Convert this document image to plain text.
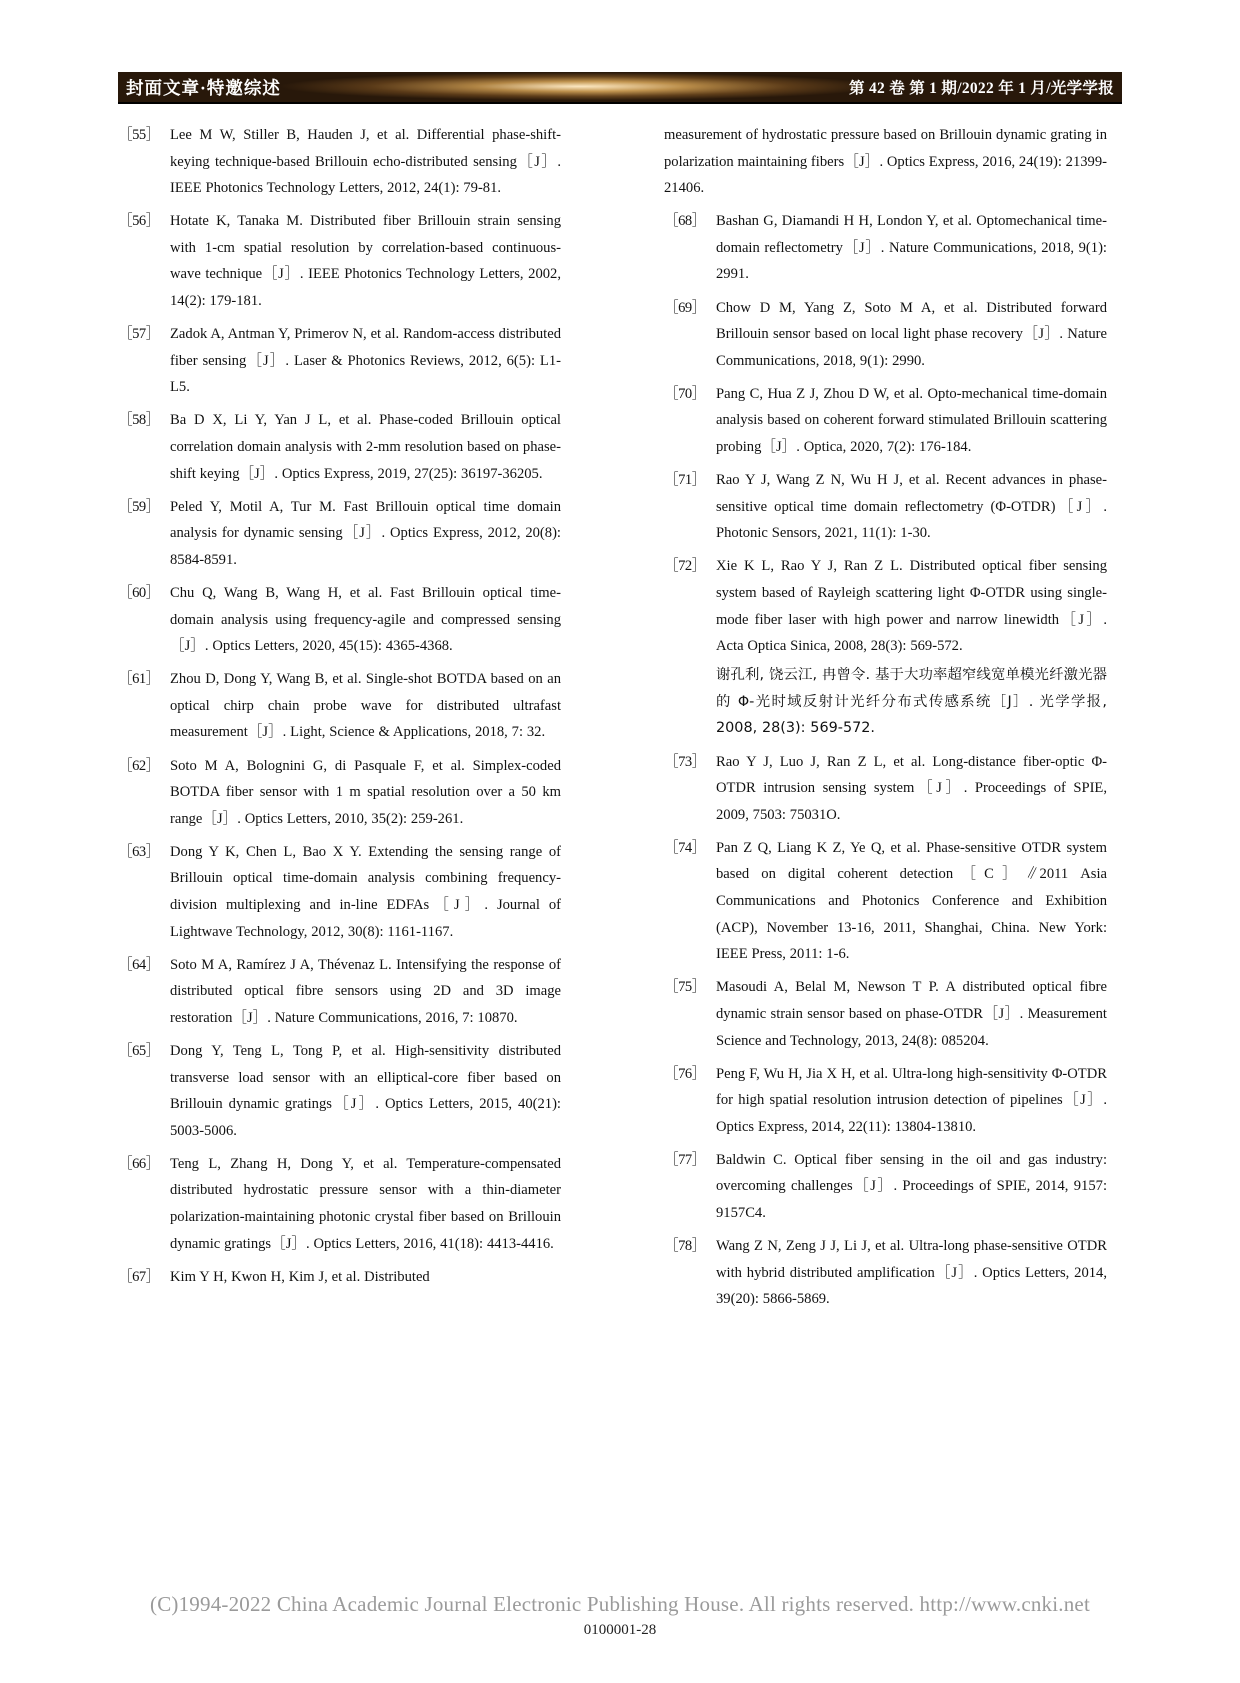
封面文章·特邀综述	第 42 卷 第 1 期/2022 年 1 月/光学学报
［55］ Lee M W, Stiller B, Hauden J, et al. Differential phase-shift-keying technique-based Brillouin echo-distributed sensing［J］. IEEE Photonics Technology Letters, 2012, 24(1): 79-81.
［56］ Hotate K, Tanaka M. Distributed fiber Brillouin strain sensing with 1-cm spatial resolution by correlation-based continuous-wave technique［J］. IEEE Photonics Technology Letters, 2002, 14(2): 179-181.
［57］ Zadok A, Antman Y, Primerov N, et al. Random-access distributed fiber sensing［J］. Laser & Photonics Reviews, 2012, 6(5): L1-L5.
［58］ Ba D X, Li Y, Yan J L, et al. Phase-coded Brillouin optical correlation domain analysis with 2-mm resolution based on phase-shift keying［J］. Optics Express, 2019, 27(25): 36197-36205.
［59］ Peled Y, Motil A, Tur M. Fast Brillouin optical time domain analysis for dynamic sensing［J］. Optics Express, 2012, 20(8): 8584-8591.
［60］ Chu Q, Wang B, Wang H, et al. Fast Brillouin optical time-domain analysis using frequency-agile and compressed sensing［J］. Optics Letters, 2020, 45(15): 4365-4368.
［61］ Zhou D, Dong Y, Wang B, et al. Single-shot BOTDA based on an optical chirp chain probe wave for distributed ultrafast measurement［J］. Light, Science & Applications, 2018, 7: 32.
［62］ Soto M A, Bolognini G, di Pasquale F, et al. Simplex-coded BOTDA fiber sensor with 1 m spatial resolution over a 50 km range［J］. Optics Letters, 2010, 35(2): 259-261.
［63］ Dong Y K, Chen L, Bao X Y. Extending the sensing range of Brillouin optical time-domain analysis combining frequency-division multiplexing and in-line EDFAs［J］. Journal of Lightwave Technology, 2012, 30(8): 1161-1167.
［64］ Soto M A, Ramírez J A, Thévenaz L. Intensifying the response of distributed optical fibre sensors using 2D and 3D image restoration［J］. Nature Communications, 2016, 7: 10870.
［65］ Dong Y, Teng L, Tong P, et al. High-sensitivity distributed transverse load sensor with an elliptical-core fiber based on Brillouin dynamic gratings［J］. Optics Letters, 2015, 40(21): 5003-5006.
［66］ Teng L, Zhang H, Dong Y, et al. Temperature-compensated distributed hydrostatic pressure sensor with a thin-diameter polarization-maintaining photonic crystal fiber based on Brillouin dynamic gratings［J］. Optics Letters, 2016, 41(18): 4413-4416.
［67］ Kim Y H, Kwon H, Kim J, et al. Distributed
measurement of hydrostatic pressure based on Brillouin dynamic grating in polarization maintaining fibers［J］. Optics Express, 2016, 24(19): 21399-21406.
［68］ Bashan G, Diamandi H H, London Y, et al. Optomechanical time-domain reflectometry［J］. Nature Communications, 2018, 9(1): 2991.
［69］ Chow D M, Yang Z, Soto M A, et al. Distributed forward Brillouin sensor based on local light phase recovery［J］. Nature Communications, 2018, 9(1): 2990.
［70］ Pang C, Hua Z J, Zhou D W, et al. Opto-mechanical time-domain analysis based on coherent forward stimulated Brillouin scattering probing［J］. Optica, 2020, 7(2): 176-184.
［71］ Rao Y J, Wang Z N, Wu H J, et al. Recent advances in phase-sensitive optical time domain reflectometry (Φ-OTDR)［J］. Photonic Sensors, 2021, 11(1): 1-30.
［72］ Xie K L, Rao Y J, Ran Z L. Distributed optical fiber sensing system based of Rayleigh scattering light Φ-OTDR using single-mode fiber laser with high power and narrow linewidth［J］. Acta Optica Sinica, 2008, 28(3): 569-572.
谢孔利, 饶云江, 冉曾令. 基于大功率超窄线宽单模光纤激光器的 Φ-光时域反射计光纤分布式传感系统［J］. 光学学报, 2008, 28(3): 569-572.
［73］ Rao Y J, Luo J, Ran Z L, et al. Long-distance fiber-optic Φ-OTDR intrusion sensing system［J］. Proceedings of SPIE, 2009, 7503: 75031O.
［74］ Pan Z Q, Liang K Z, Ye Q, et al. Phase-sensitive OTDR system based on digital coherent detection［C］∥2011 Asia Communications and Photonics Conference and Exhibition (ACP), November 13-16, 2011, Shanghai, China. New York: IEEE Press, 2011: 1-6.
［75］ Masoudi A, Belal M, Newson T P. A distributed optical fibre dynamic strain sensor based on phase-OTDR［J］. Measurement Science and Technology, 2013, 24(8): 085204.
［76］ Peng F, Wu H, Jia X H, et al. Ultra-long high-sensitivity Φ-OTDR for high spatial resolution intrusion detection of pipelines［J］. Optics Express, 2014, 22(11): 13804-13810.
［77］ Baldwin C. Optical fiber sensing in the oil and gas industry: overcoming challenges［J］. Proceedings of SPIE, 2014, 9157: 9157C4.
［78］ Wang Z N, Zeng J J, Li J, et al. Ultra-long phase-sensitive OTDR with hybrid distributed amplification［J］. Optics Letters, 2014, 39(20): 5866-5869.
(C)1994-2022 China Academic Journal Electronic Publishing House. All rights reserved. http://www.cnki.net
0100001-28
